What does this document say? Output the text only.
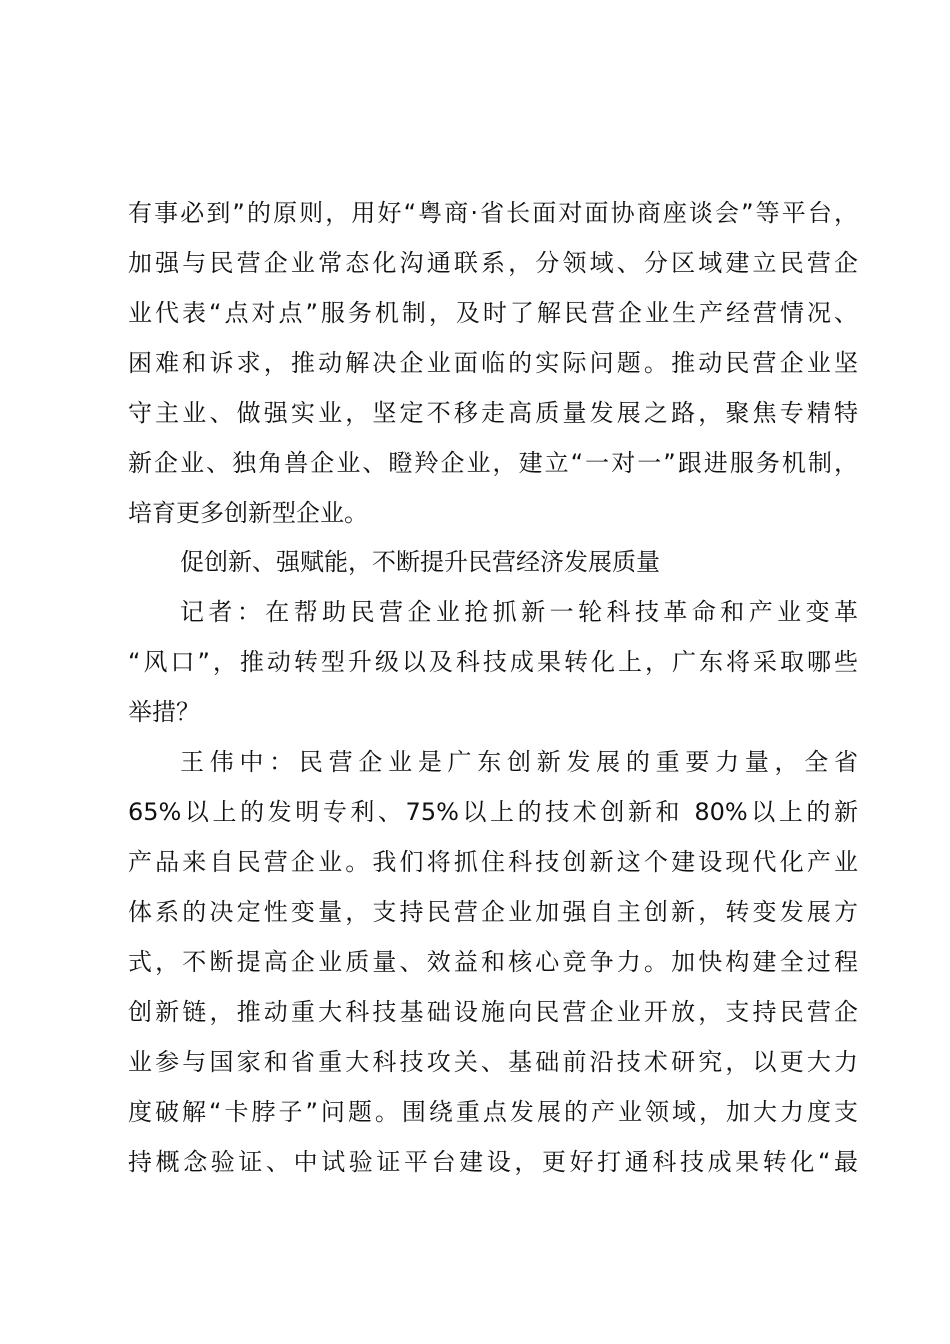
有事必到”的原则，用好“粤商·省长面对面协商座谈会”等平台，
加强与民营企业常态化沟通联系，分领域、分区域建立民营企
业代表“点对点”服务机制，及时了解民营企业生产经营情况、
困难和诉求，推动解决企业面临的实际问题。推动民营企业坚
守主业、做强实业，坚定不移走高质量发展之路，聚焦专精特
新企业、独角兽企业、瞪羚企业，建立“一对一”跟进服务机制，
培育更多创新型企业。
促创新、强赋能，不断提升民营经济发展质量
记者：在帮助民营企业抢抓新一轮科技革命和产业变革
“风口”，推动转型升级以及科技成果转化上，广东将采取哪些
举措？
王伟中：民营企业是广东创新发展的重要力量，全省
65%以上的发明专利、75%以上的技术创新和 80%以上的新
产品来自民营企业。我们将抓住科技创新这个建设现代化产业
体系的决定性变量，支持民营企业加强自主创新，转变发展方
式，不断提高企业质量、效益和核心竞争力。加快构建全过程
创新链，推动重大科技基础设施向民营企业开放，支持民营企
业参与国家和省重大科技攻关、基础前沿技术研究，以更大力
度破解“卡脖子”问题。围绕重点发展的产业领域，加大力度支
持概念验证、中试验证平台建设，更好打通科技成果转化“最
